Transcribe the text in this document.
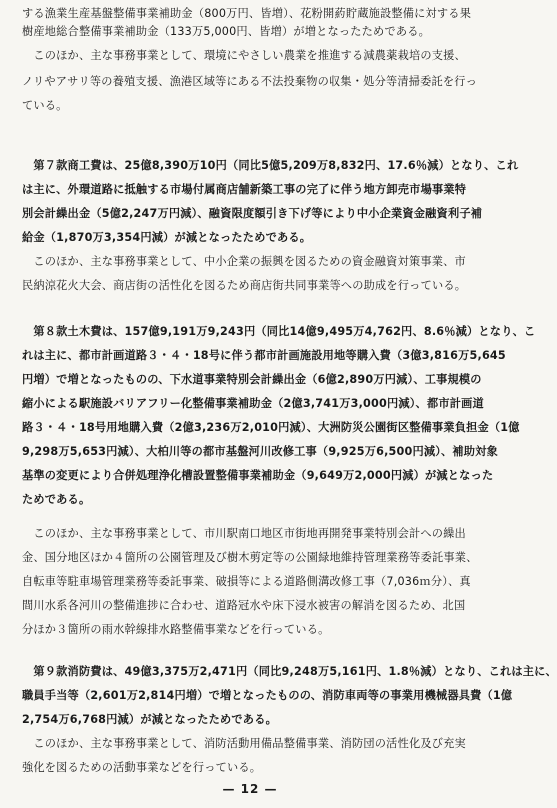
する漁業生産基盤整備事業補助金（800万円、皆増）、花粉開葯貯蔵施設整備に対する果
樹産地総合整備事業補助金（133万5,000円、皆増）が増となったためである。
　このほか、主な事務事業として、環境にやさしい農業を推進する減農薬栽培の支援、
ノリやアサリ等の養殖支援、漁港区域等にある不法投棄物の収集・処分等清掃委託を行っ
ている。
　第７款商工費は、25億8,390万10円（同比5億5,209万8,832円、17.6％減）となり、これ
は主に、外環道路に抵触する市場付属商店舗新築工事の完了に伴う地方卸売市場事業特
別会計繰出金（5億2,247万円減）、融資限度額引き下げ等により中小企業資金融資利子補
給金（1,870万3,354円減）が減となったためである。
　このほか、主な事務事業として、中小企業の振興を図るための資金融資対策事業、市
民納涼花火大会、商店街の活性化を図るため商店街共同事業等への助成を行っている。
　第８款土木費は、157億9,191万9,243円（同比14億9,495万4,762円、8.6％減）となり、こ
れは主に、都市計画道路３・４・18号に伴う都市計画施設用地等購入費（3億3,816万5,645
円増）で増となったものの、下水道事業特別会計繰出金（6億2,890万円減）、工事規模の
縮小による駅施設バリアフリー化整備事業補助金（2億3,741万3,000円減）、都市計画道
路３・４・18号用地購入費（2億3,236万2,010円減）、大洲防災公園街区整備事業負担金（1億
9,298万5,653円減）、大柏川等の都市基盤河川改修工事（9,925万6,500円減）、補助対象
基準の変更により合併処理浄化槽設置整備事業補助金（9,649万2,000円減）が減となった
ためである。
　このほか、主な事務事業として、市川駅南口地区市街地再開発事業特別会計への繰出
金、国分地区ほか４箇所の公園管理及び樹木剪定等の公園緑地維持管理業務等委託事業、
自転車等駐車場管理業務等委託事業、破損等による道路側溝改修工事（7,036ｍ分）、真
間川水系各河川の整備進捗に合わせ、道路冠水や床下浸水被害の解消を図るため、北国
分ほか３箇所の雨水幹線排水路整備事業などを行っている。
　第９款消防費は、49億3,375万2,471円（同比9,248万5,161円、1.8％減）となり、これは主に、
職員手当等（2,601万2,814円増）で増となったものの、消防車両等の事業用機械器具費（1億
2,754万6,768円減）が減となったためである。
　このほか、主な事務事業として、消防活動用備品整備事業、消防団の活性化及び充実
強化を図るための活動事業などを行っている。
— 12 —
